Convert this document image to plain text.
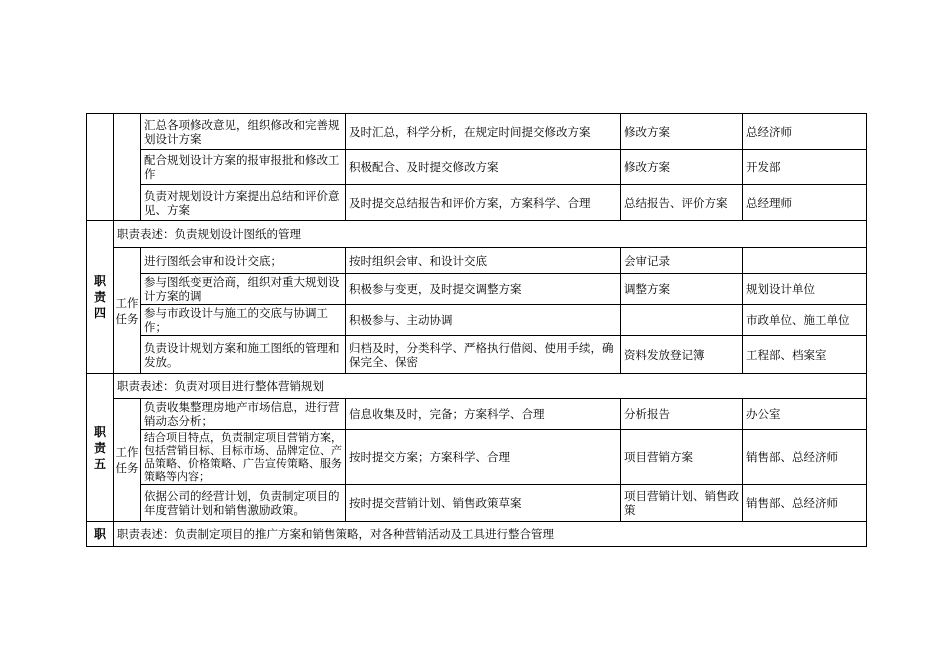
		汇总各项修改意见，组织修改和完善规划设计方案	及时汇总，科学分析，在规定时间提交修改方案	修改方案	总经济师
		配合规划设计方案的报审报批和修改工作	积极配合、及时提交修改方案	修改方案	开发部
		负责对规划设计方案提出总结和评价意见、方案	及时提交总结报告和评价方案，方案科学、合理	总结报告、评价方案	总经理师

职
责
四	职责表述：负责规划设计图纸的管理				

	工作
任务	进行图纸会审和设计交底；	按时组织会审、和设计交底	会审记录	
		参与图纸变更洽商，组织对重大规划设计方案的调	积极参与变更，及时提交调整方案	调整方案	规划设计单位
		参与市政设计与施工的交底与协调工作；	积极参与、主动协调		市政单位、施工单位
		负责设计规划方案和施工图纸的管理和发放。	归档及时，分类科学、严格执行借阅、使用手续，确保完全、保密	资料发放登记簿	工程部、档案室

职
责
五	职责表述：负责对项目进行整体营销规划				

	工作
任务	负责收集整理房地产市场信息，进行营销动态分析；	信息收集及时，完备；方案科学、合理	分析报告	办公室
		结合项目特点，负责制定项目营销方案，包括营销目标、目标市场、品牌定位、产品策略、价格策略、广告宣传策略、服务策略等内容；	按时提交方案；方案科学、合理	项目营销方案	销售部、总经济师
		依据公司的经营计划，负责制定项目的年度营销计划和销售激励政策。	按时提交营销计划、销售政策草案	项目营销计划、销售政策	销售部、总经济师

职	职责表述：负责制定项目的推广方案和销售策略，对各种营销活动及工具进行整合管理				
